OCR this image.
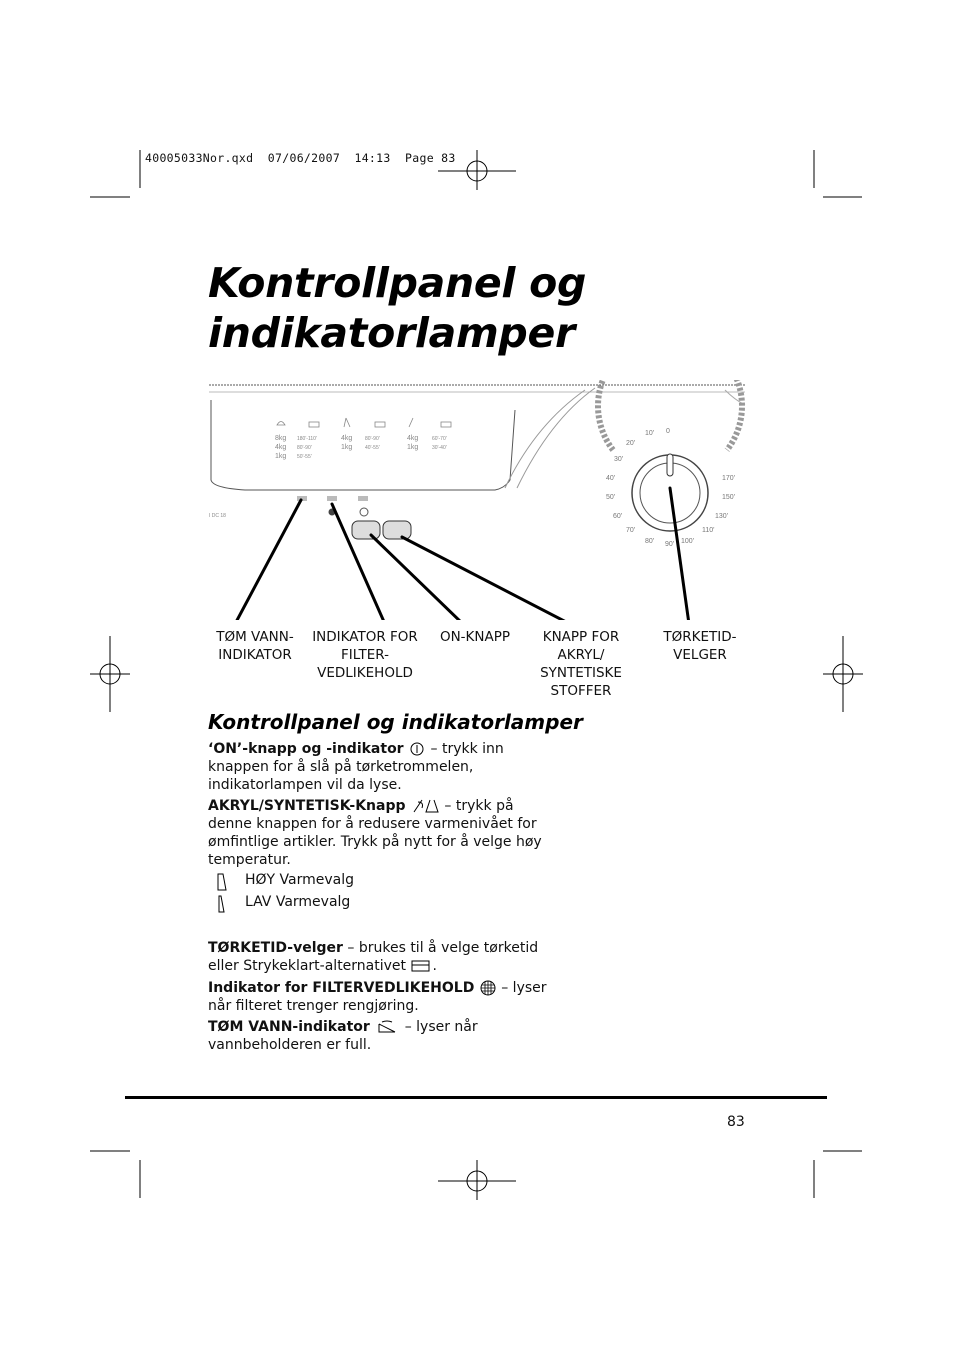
40005033Nor.qxd  07/06/2007  14:13  Page 83
Kontrollpanel og
indikatorlamper
8kg
4kg
1kg
180'-110'
80'-90'
50'-55'
4kg
1kg
80'-90'
40'-55'
4kg
1kg
60'-70'
30'-40'
I DC 18
10' 0
20'
30'
40'
50'
60'
70'
80' 90' 100'
110'
130'
150'
170'
TØM VANN-
INDIKATOR
INDIKATOR FOR
FILTER-
VEDLIKEHOLD
ON-KNAPP	KNAPP FOR
AKRYL/
SYNTETISKE
STOFFER
TØRKETID-
VELGER
Kontrollpanel og indikatorlamper
‘ON’-knapp og -indikator  – trykk inn knappen for å slå på tørketrommelen, indikatorlampen vil da lyse.
AKRYL/SYNTETISK-Knapp	– trykk på denne knappen for å redusere varmenivået for ømfintlige artikler. Trykk på nytt for å velge høy temperatur.
HØY Varmevalg
LAV Varmevalg
TØRKETID-velger – brukes til å velge tørketid eller Strykeklart-alternativet .
Indikator for FILTERVEDLIKEHOLD  – lyser når filteret trenger rengjøring.
TØM VANN-indikator  – lyser når vannbeholderen er full.
83
